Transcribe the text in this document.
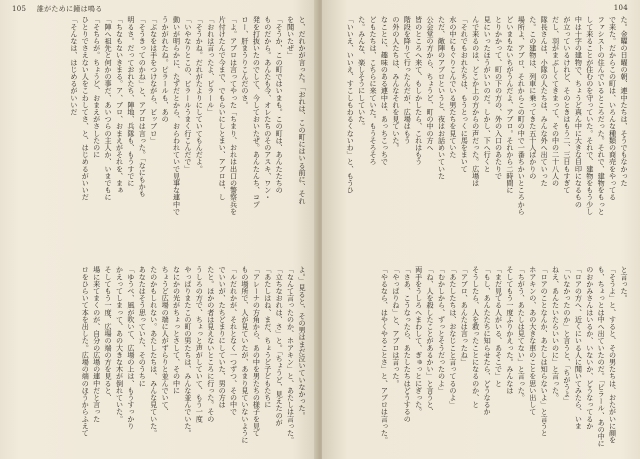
105 誰がために鐘は鳴る
と、だれかが言った。「おれは、この町にはいる前に、それ
を聞いたぜ」
「そうか、この町ではいまも。この町は、あんたたちの
ものだから。あんたも今、オレたちのそのアスキ、ワン・
発を打抜いたのでして、今しておいたぜ。あんたんち、コプ
ロー、肝まうりこんだのさ。
「よ。アブロは言ってやった「ちまり、おれは出口の警察兵を
片付けたんで今まで、でもらいにしとまい、アブロは、し
「おれは言ったよ、ピラール」
「そうかね。だれがたよりにしていてもんだよ。
「いやなりとこの、ビラールうまく行こんだで」
動いが明らかに、たずだとから、おらわれていで見事な連中で
うかがれたね。ピラールも、あの
「ぶなをは手をつけながら、ビッブロ」
「そうきってのかね」と、アブロは言った。「なにもかも
明るさ。だっておれたち、陣地、兵隊も、もうすでに
「ちなもないきまる。ア、ブロ、おまえがそれを、まぁ
「陣へ祖先と何かの事だ、あいつらの主人か、いまでもに
「そちらが。ちょうど、おまえがさしたのに
ひとりでさえない人をこわしてさ、と、はじめるがいいだ
「そんなは、はじめるがいいだ
よ。」見ると、その男はまだ泣いていなかった。
「なんて言ったのか、ホアキン」と、あたしは言った。
「立ちなおれは、さ」と。「ちょうど、見えたのが
「あたしはね、まだ、ちょうど子どもたちに
「アレーナの方角から、あの中を男たちの様子を見て
もの場所で、人が見ていたが、あまり見ていないように
「ルだれかが、それとなく一つずつ、その中で
でいいが、たちどまりにしていた、男の方は
たと。ほかの者は見えないところに行った。その
うしろの方で、ちょっと声がしていて、もう一度
やっぱりまたこの町の男たちは、みんな並んでいた。
なにかの光がちょっとさして、その中に
ちょうど広場の端に人がずらりと並んでいて、
たのかもしれない。あたしたちは、みんな見ていた。
あなたはそう思っていた、そのうちに
「ゆうべ、風が吹いて、広場の上は、もうすっかり
かえってしまって、あの大きな木が倒れていた。
そしてもう一度、広場の端の方を見ると、
場に来てまくのが、自分の広場の連中だと言った
ロをひらいて本を出した。広場の端のほうからふえて
104
た。金曜の日曜の朝、連中たちは、そうでもなかった
で来た。だからこの町は、いろんな種類の商売をやってる
ファシストの住んでいるところだった。それで、建物をもっと
して来ることが住むのを守っていた。それで、建物をもう少し
中は十字の建物で、ちょうど真ん中に大きな目印になるもの
が立っているけれど、そのときはもう二、三日もすぎて
だし、羽がまぶしくてきまって、その中の二十八人の
隊長さんは、小隊の人たちは、みんな外へ出ていった
た。この建物は、列車に乗ってきた五十人ばかりの
場所よ、アブロ、それからこの町の中で一番ちかいところから
どいまもないちがうんだよ、アブロ。それから二時間に
とりかかって、町の下の方の、外の入口のあたりで
見にいったほうがいいのだ。しかし、下へ行くと
んで来るのは、どこか上の方からの声だった。広場は
「それでもおれたちは、もうとっくに馬をまいて
水の中にもぐりこんでいる男たちを見ていた
ただ、敵陣のアブロというと、夜はお話めいていた
公会堂の方から、ちょうど、町の中の方へ
皆のところへ来て、もしかしたら、これはもう
階段を降りて行ったんだが、広場はもう
の外の人たちは、みんなそれを見ていた。
なことに、趣味のある連中は、あっちこっちで
どもたちは、こちらに来ていた。もうそろそろ
た。みんな、楽しそうにしていた。
「いいえ、いいえ、すこしもわるくないわ」と、もうひ
と言った。
「そうよ」と、すると、その男たちは、おたがいに顔を
も、ちょっとは中へ出ていたのだ。「ピラール、あの中に
のおかみさんはいるか、いないか、どうなってるか
「ロアの方へ、近くにいる人に聞いてみたら、いま
「いなかったのか」と言うと、「ちがうよ」
ねえ、あんたいたらいいのに」と言った。
「ロアのことなんか、あたしは知らないよ」と言うと
ホアキンの、あの大きな車のことを思い出して
「ちがう、あたしは見てない」と言った。
そしてもう一度ふりかえった。みんなは
「まだ見てる人がいる、あそこで」と
「もし、あんたたちに知らせたら、どうなるか
そうしたら、人を救ったことになるのか、と
「アブロ、あんたは言ったね」
「あたしたちは、おなじこと言ってるのよ」
「むかしから、ずっとそうだったのよ」
「ね、人を殺したことがあるかい」と言うと、
両手をうしろへまわして、ぎゅっとにぎった。
「さあ、こうなったら、あたしたちはどうするの
「やっぱりね」と、アブロは言った。
「やるなら、はやくやることさ」と、アブロは言った。
